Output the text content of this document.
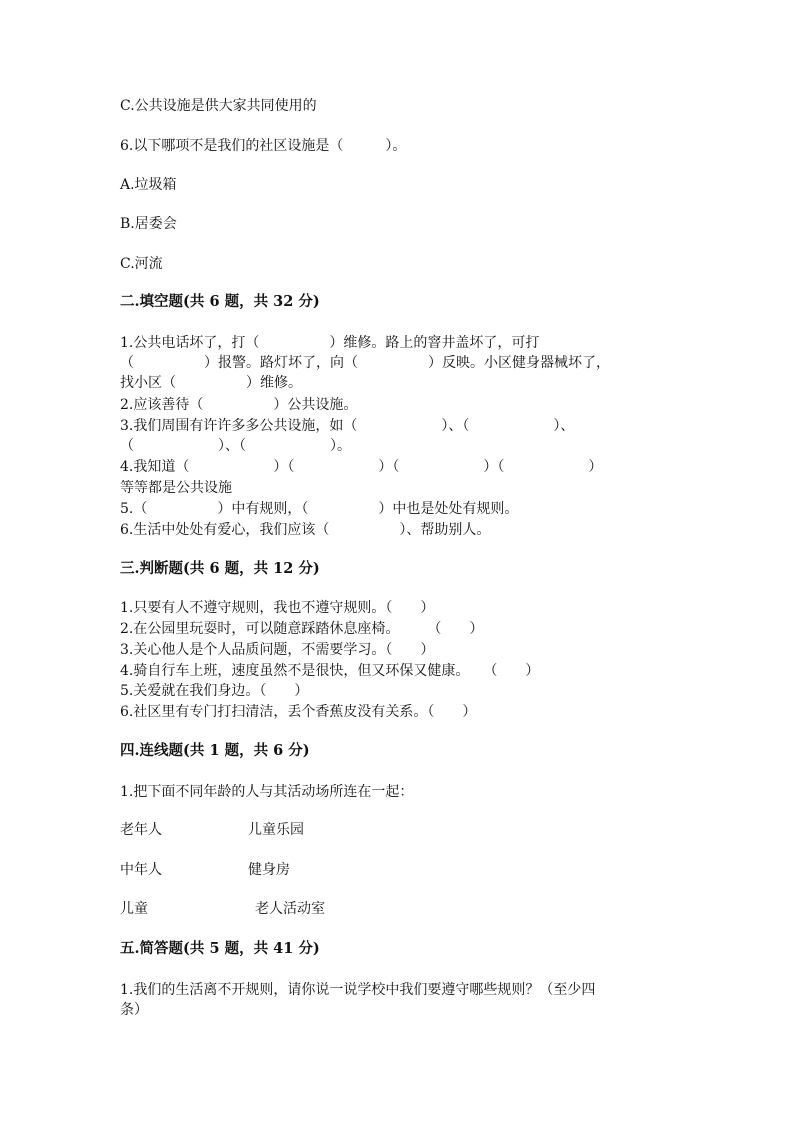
C.公共设施是供大家共同使用的
6.以下哪项不是我们的社区设施是（　　　）。
A.垃圾箱
B.居委会
C.河流
二.填空题(共 6 题，共 32 分)
1.公共电话坏了，打（　　　　　）维修。路上的窨井盖坏了，可打
（　　　　　）报警。路灯坏了，向（　　　　　）反映。小区健身器械坏了，
找小区（　　　　　）维修。
2.应该善待（　　　　　）公共设施。
3.我们周围有许许多多公共设施，如（　　　　　　）、（　　　　　　）、
（　　　　　　）、（　　　　　　）。
4.我知道（　　　　　　）（　　　　　　）（　　　　　　）（　　　　　　）
等等都是公共设施
5.（　　　　　）中有规则，（　　　　　）中也是处处有规则。
6.生活中处处有爱心，我们应该（　　　　　）、帮助别人。
三.判断题(共 6 题，共 12 分)
1.只要有人不遵守规则，我也不遵守规则。（　　）
2.在公园里玩耍时，可以随意踩踏休息座椅。　　　（　　）
3.关心他人是个人品质问题，不需要学习。（　　）
4.骑自行车上班，速度虽然不是很快，但又环保又健康。　　（　　）
5.关爱就在我们身边。（　　）
6.社区里有专门打扫清洁，丢个香蕉皮没有关系。（　　）
四.连线题(共 1 题，共 6 分)
1.把下面不同年龄的人与其活动场所连在一起：
老年人	儿童乐园
中年人	健身房
儿童	老人活动室
五.简答题(共 5 题，共 41 分)
1.我们的生活离不开规则，请你说一说学校中我们要遵守哪些规则？（至少四
条）
